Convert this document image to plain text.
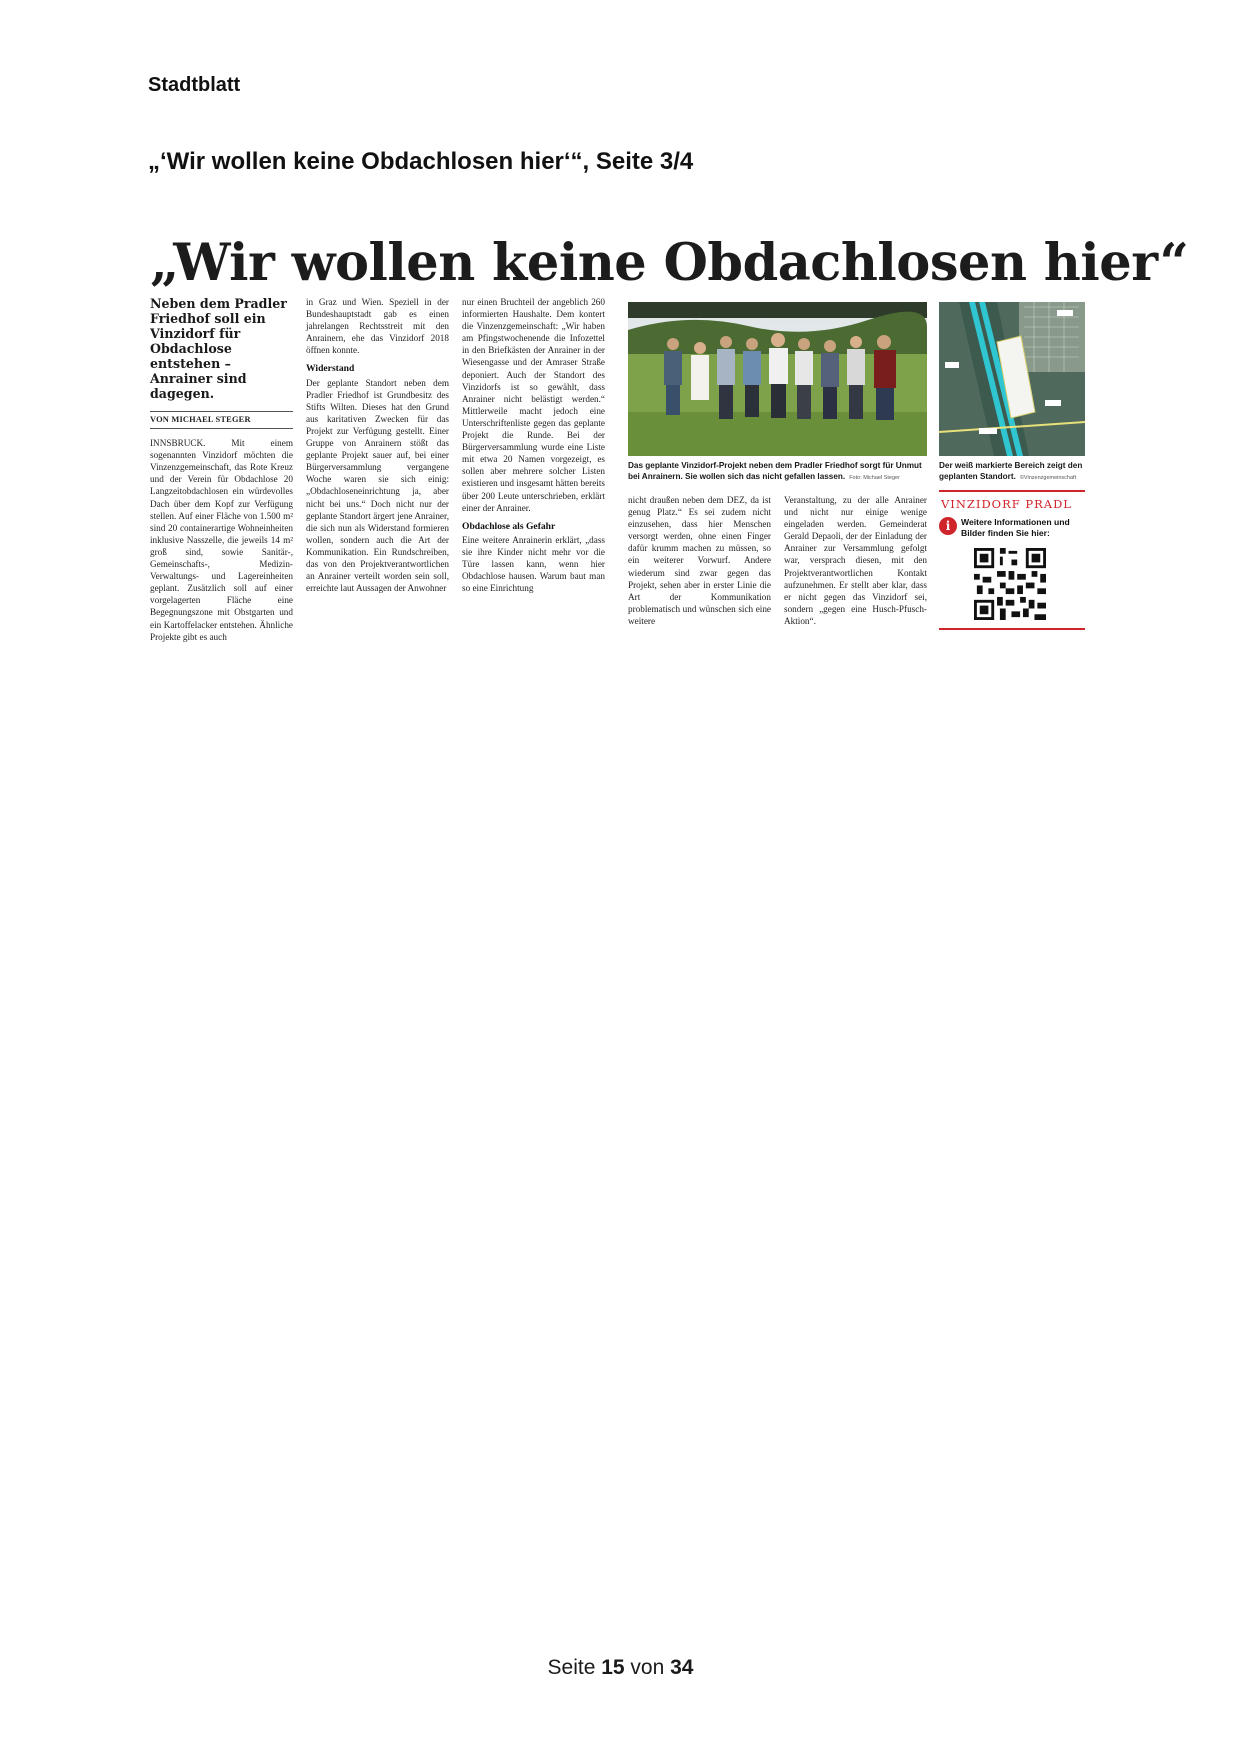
Stadtblatt
„‘Wir wollen keine Obdachlosen hier‘“, Seite 3/4
„Wir wollen keine Obdachlosen hier“
Neben dem Pradler Friedhof soll ein Vinzidorf für Obdachlose entstehen – Anrainer sind dagegen.
VON MICHAEL STEGER

INNSBRUCK. Mit einem sogenannten Vinzidorf möchten die Vinzenzgemeinschaft, das Rote Kreuz und der Verein für Obdachlose 20 Langzeitobdachlosen ein würdevolles Dach über dem Kopf zur Verfügung stellen. Auf einer Fläche von 1.500 m² sind 20 containerartige Wohneinheiten inklusive Nasszelle, die jeweils 14 m² groß sind, sowie Sanitär-, Gemeinschafts-, Medizin- Verwaltungs- und Lagereinheiten geplant. Zusätzlich soll auf einer vorgelagerten Fläche eine Begegnungszone mit Obstgarten und ein Kartoffelacker entstehen. Ähnliche Projekte gibt es auch

in Graz und Wien. Speziell in der Bundeshauptstadt gab es einen jahrelangen Rechtsstreit mit den Anrainern, ehe das Vinzidorf 2018 öffnen konnte.

Widerstand

Der geplante Standort neben dem Pradler Friedhof ist Grundbesitz des Stifts Wilten. Dieses hat den Grund aus karitativen Zwecken für das Projekt zur Verfügung gestellt. Einer Gruppe von Anrainern stößt das geplante Projekt sauer auf, bei einer Bürgerversammlung vergangene Woche waren sie sich einig: „Obdachloseneinrichtung ja, aber nicht bei uns.“ Doch nicht nur der geplante Standort ärgert jene Anrainer, die sich nun als Widerstand formieren wollen, sondern auch die Art der Kommunikation. Ein Rundschreiben, das von den Projektverantwortlichen an Anrainer verteilt worden sein soll, erreichte laut Aussagen der Anwohner

nur einen Bruchteil der angeblich 260 informierten Haushalte. Dem kontert die Vinzenzgemeinschaft: „Wir haben am Pfingstwochenende die Infozettel in den Briefkästen der Anrainer in der Wiesengasse und der Amraser Straße deponiert. Auch der Standort des Vinzidorfs ist so gewählt, dass Anrainer nicht belästigt werden.“ Mittlerweile macht jedoch eine Unterschriftenliste gegen das geplante Projekt die Runde. Bei der Bürgerversammlung wurde eine Liste mit etwa 20 Namen vorgezeigt, es sollen aber mehrere solcher Listen existieren und insgesamt hätten bereits über 200 Leute unterschrieben, erklärt einer der Anrainer.

Obdachlose als Gefahr

Eine weitere Anrainerin erklärt, „dass sie ihre Kinder nicht mehr vor die Türe lassen kann, wenn hier Obdachlose hausen. Warum baut man so eine Einrichtung

Das geplante Vinzidorf-Projekt neben dem Pradler Friedhof sorgt für Unmut bei Anrainern. Sie wollen sich das nicht gefallen lassen. Foto: Michael Steger
Der weiß markierte Bereich zeigt den geplanten Standort. ©Vinzenzgemeinschaft

nicht draußen neben dem DEZ, da ist genug Platz.“ Es sei zudem nicht einzusehen, dass hier Menschen versorgt werden, ohne einen Finger dafür krumm machen zu müssen, so ein weiterer Vorwurf. Andere wiederum sind zwar gegen das Projekt, sehen aber in erster Linie die Art der Kommunikation problematisch und wünschen sich eine weitere

Veranstaltung, zu der alle Anrainer und nicht nur einige wenige eingeladen werden. Gemeinderat Gerald Depaoli, der der Einladung der Anrainer zur Versammlung gefolgt war, versprach diesen, mit den Projektverantwortlichen Kontakt aufzunehmen. Er stellt aber klar, dass er nicht gegen das Vinzidorf sei, sondern „gegen eine Husch-Pfusch-Aktion“.

VINZIDORF PRADL
i	Weitere Informationen und Bilder finden Sie hier:
Seite 15 von 34
